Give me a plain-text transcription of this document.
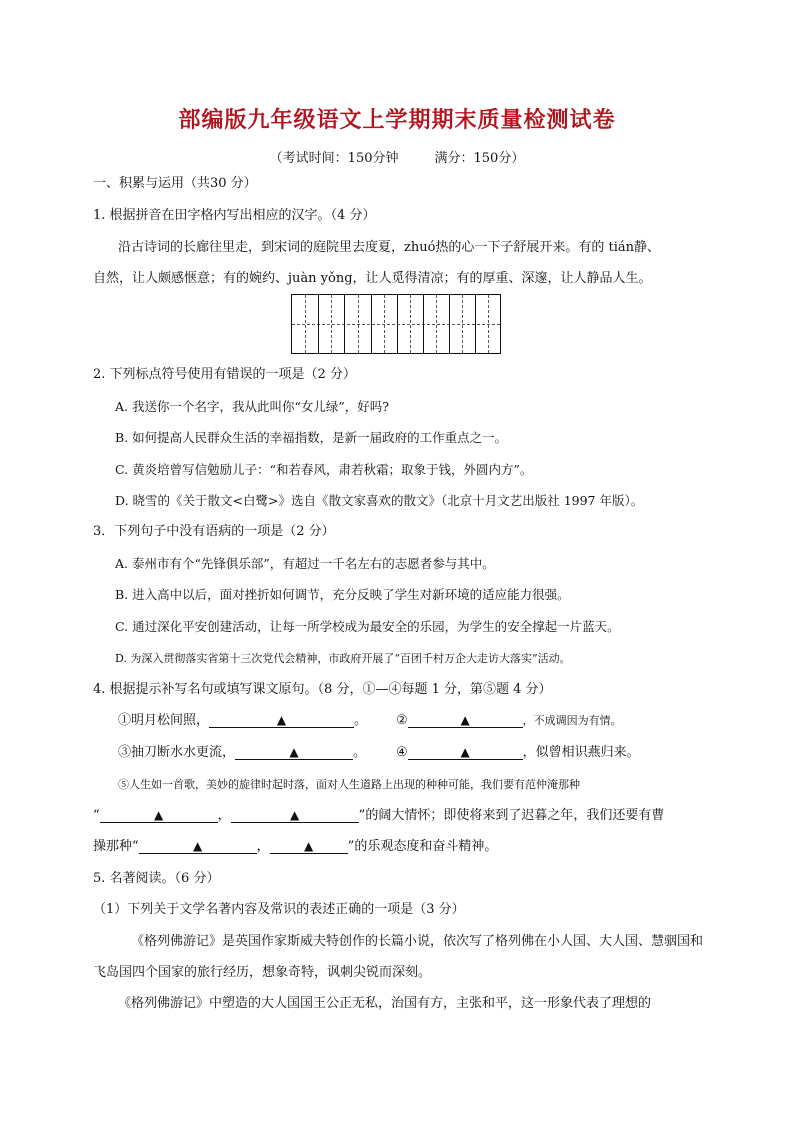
部编版九年级语文上学期期末质量检测试卷
（考试时间：150分钟	满分：150分）
一、积累与运用（共30 分）
1. 根据拼音在田字格内写出相应的汉字。（4 分）
沿古诗词的长廊往里走，到宋词的庭院里去度夏，zhuó热的心一下子舒展开来。有的 tián静、
自然，让人颇感惬意；有的婉约、juàn yǒng，让人觅得清凉；有的厚重、深邃，让人静品人生。
2. 下列标点符号使用有错误的一项是（2 分）
A. 我送你一个名字，我从此叫你“女儿绿”，好吗?
B. 如何提高人民群众生活的幸福指数，是新一届政府的工作重点之一。
C. 黄炎培曾写信勉励儿子：“和若春风，肃若秋霜；取象于钱，外圆内方”。
D. 晓雪的《关于散文<白鹭>》选自《散文家喜欢的散文》（北京十月文艺出版社 1997 年版）。
3．下列句子中没有语病的一项是（2 分）
A. 泰州市有个“先锋俱乐部”，有超过一千名左右的志愿者参与其中。
B. 进入高中以后，面对挫折如何调节，充分反映了学生对新环境的适应能力很强。
C. 通过深化平安创建活动，让每一所学校成为最安全的乐园，为学生的安全撑起一片蓝天。
D. 为深入贯彻落实省第十三次党代会精神，市政府开展了“百团千村万企大走访大落实”活动。
4. 根据提示补写名句或填写课文原句。（8 分，①—④每题 1 分，第⑤题 4 分）
①明月松间照，	▲	。 ②	▲	，不成调因为有情。
③抽刀断水水更流，	▲	。 ④	▲	，似曾相识燕归来。
⑤人生如一首歌，美妙的旋律时起时落，面对人生道路上出现的种种可能，我们要有范仲淹那种
“	▲	，	▲	”的阔大情怀；即使将来到了迟暮之年，我们还要有曹
操那种“	▲	，	▲	”的乐观态度和奋斗精神。
5. 名著阅读。（6 分）
（1）下列关于文学名著内容及常识的表述正确的一项是（3 分）
《格列佛游记》是英国作家斯威夫特创作的长篇小说，依次写了格列佛在小人国、大人国、慧骃国和飞岛国四个国家的旅行经历，想象奇特，讽刺尖锐而深刻。
《格列佛游记》中塑造的大人国国王公正无私，治国有方，主张和平，这一形象代表了理想的
